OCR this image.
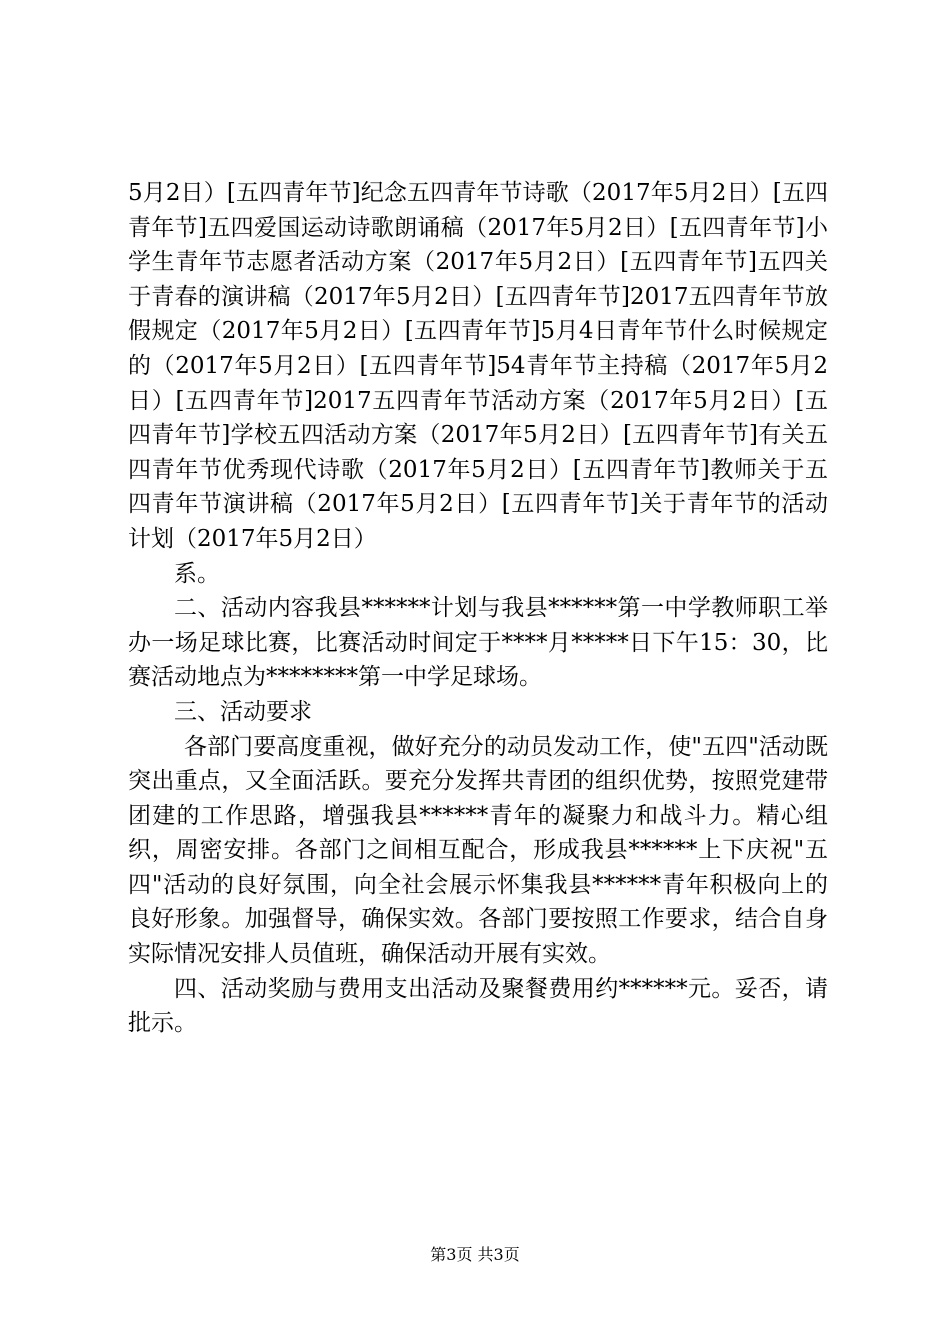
5月2日）[五四青年节]纪念五四青年节诗歌（2017年5月2日）[五四青年节]五四爱国运动诗歌朗诵稿（2017年5月2日）[五四青年节]小学生青年节志愿者活动方案（2017年5月2日）[五四青年节]五四关于青春的演讲稿（2017年5月2日）[五四青年节]2017五四青年节放假规定（2017年5月2日）[五四青年节]5月4日青年节什么时候规定的（2017年5月2日）[五四青年节]54青年节主持稿（2017年5月2日）[五四青年节]2017五四青年节活动方案（2017年5月2日）[五四青年节]学校五四活动方案（2017年5月2日）[五四青年节]有关五四青年节优秀现代诗歌（2017年5月2日）[五四青年节]教师关于五四青年节演讲稿（2017年5月2日）[五四青年节]关于青年节的活动计划（2017年5月2日）

系。

二、活动内容我县******计划与我县******第一中学教师职工举办一场足球比赛，比赛活动时间定于****月*****日下午15：30，比赛活动地点为********第一中学足球场。

三、活动要求

各部门要高度重视，做好充分的动员发动工作，使"五四"活动既突出重点，又全面活跃。要充分发挥共青团的组织优势，按照党建带团建的工作思路，增强我县******青年的凝聚力和战斗力。精心组织，周密安排。各部门之间相互配合，形成我县******上下庆祝"五四"活动的良好氛围，向全社会展示怀集我县******青年积极向上的良好形象。加强督导，确保实效。各部门要按照工作要求，结合自身实际情况安排人员值班，确保活动开展有实效。

四、活动奖励与费用支出活动及聚餐费用约******元。妥否，请批示。

第3页 共3页
